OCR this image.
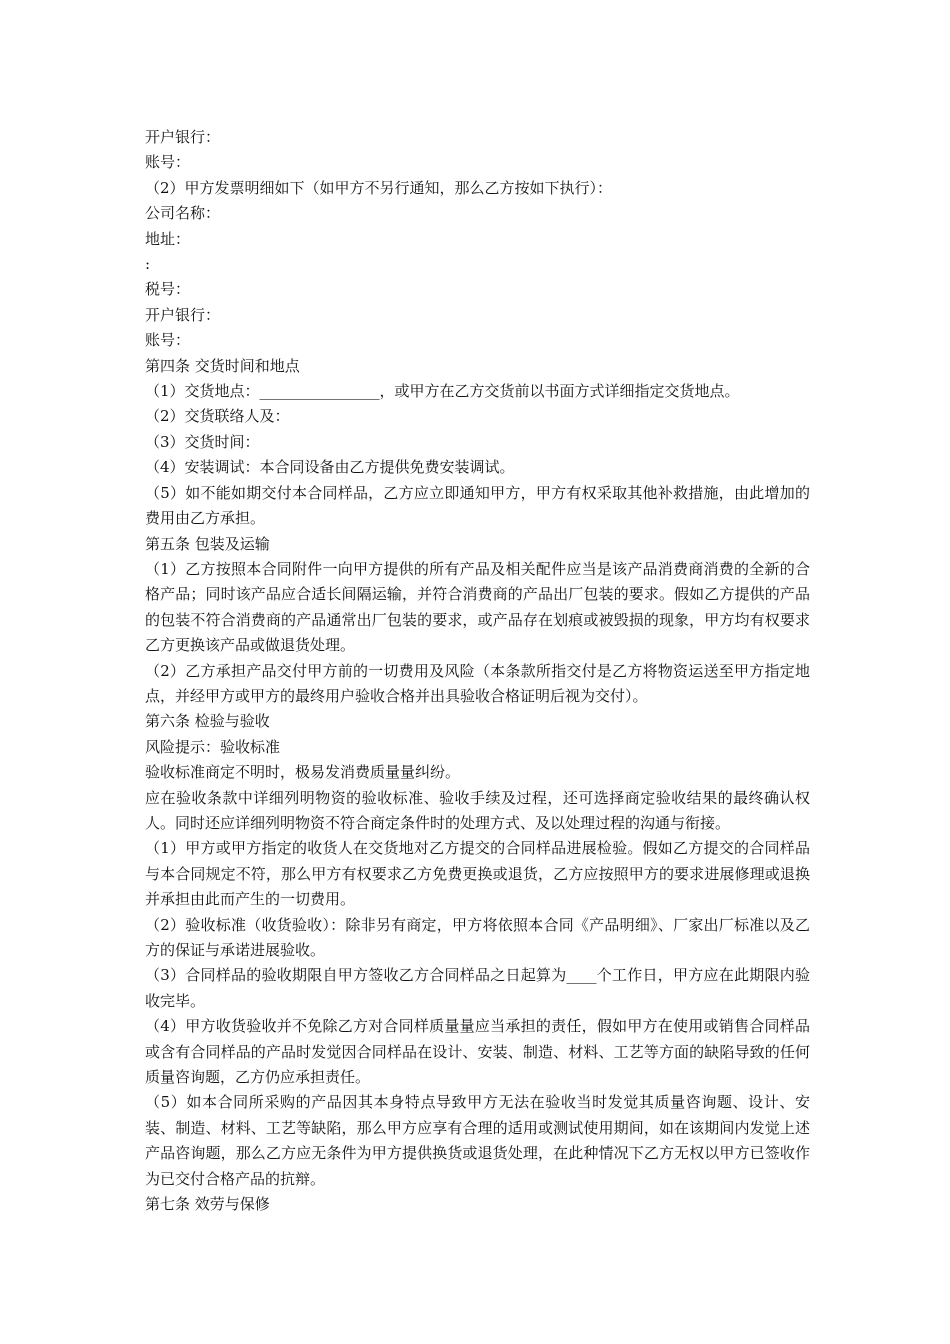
开户银行：
账号：
（2）甲方发票明细如下（如甲方不另行通知，那么乙方按如下执行）：
公司名称：
地址：
:
税号：
开户银行：
账号：
第四条 交货时间和地点
（1）交货地点：________________，或甲方在乙方交货前以书面方式详细指定交货地点。
（2）交货联络人及：
（3）交货时间：
（4）安装调试：本合同设备由乙方提供免费安装调试。
（5）如不能如期交付本合同样品，乙方应立即通知甲方，甲方有权采取其他补救措施，由此增加的费用由乙方承担。
第五条 包装及运输
（1）乙方按照本合同附件一向甲方提供的所有产品及相关配件应当是该产品消费商消费的全新的合格产品；同时该产品应合适长间隔运输，并符合消费商的产品出厂包装的要求。假如乙方提供的产品的包装不符合消费商的产品通常出厂包装的要求，或产品存在划痕或被毁损的现象，甲方均有权要求乙方更换该产品或做退货处理。
（2）乙方承担产品交付甲方前的一切费用及风险（本条款所指交付是乙方将物资运送至甲方指定地点，并经甲方或甲方的最终用户验收合格并出具验收合格证明后视为交付）。
第六条 检验与验收
风险提示：验收标准
验收标准商定不明时，极易发消费质量量纠纷。
应在验收条款中详细列明物资的验收标准、验收手续及过程，还可选择商定验收结果的最终确认权人。同时还应详细列明物资不符合商定条件时的处理方式、及以处理过程的沟通与衔接。
（1）甲方或甲方指定的收货人在交货地对乙方提交的合同样品进展检验。假如乙方提交的合同样品与本合同规定不符，那么甲方有权要求乙方免费更换或退货，乙方应按照甲方的要求进展修理或退换并承担由此而产生的一切费用。
（2）验收标准（收货验收）：除非另有商定，甲方将依照本合同《产品明细》、厂家出厂标准以及乙方的保证与承诺进展验收。
（3）合同样品的验收期限自甲方签收乙方合同样品之日起算为____个工作日，甲方应在此期限内验收完毕。
（4）甲方收货验收并不免除乙方对合同样质量量应当承担的责任，假如甲方在使用或销售合同样品或含有合同样品的产品时发觉因合同样品在设计、安装、制造、材料、工艺等方面的缺陷导致的任何质量咨询题，乙方仍应承担责任。
（5）如本合同所采购的产品因其本身特点导致甲方无法在验收当时发觉其质量咨询题、设计、安装、制造、材料、工艺等缺陷，那么甲方应享有合理的适用或测试使用期间，如在该期间内发觉上述产品咨询题，那么乙方应无条件为甲方提供换货或退货处理，在此种情况下乙方无权以甲方已签收作为已交付合格产品的抗辩。
第七条 效劳与保修
